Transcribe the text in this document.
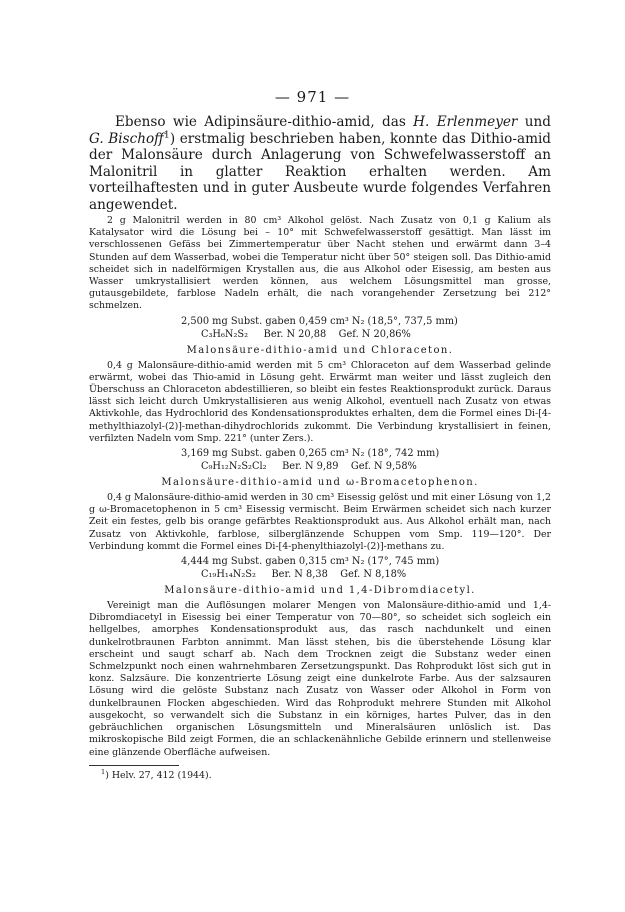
— 971 —

Ebenso wie Adipinsäure-dithio-amid, das H. Erlenmeyer und G. Bischoff$^1$) erstmalig beschrieben haben, konnte das Dithio-amid der Malonsäure durch Anlagerung von Schwefelwasserstoff an Malonitril in glatter Reaktion erhalten werden. Am vorteilhaftesten und in guter Ausbeute wurde folgendes Verfahren angewendet.

2 g Malonitril werden in 80 cm³ Alkohol gelöst. Nach Zusatz von 0,1 g Kalium als Katalysator wird die Lösung bei – 10° mit Schwefelwasserstoff gesättigt. Man lässt im verschlossenen Gefäss bei Zimmertemperatur über Nacht stehen und erwärmt dann 3–4 Stunden auf dem Wasserbad, wobei die Temperatur nicht über 50° steigen soll. Das Dithio-amid scheidet sich in nadelförmigen Krystallen aus, die aus Alkohol oder Eisessig, am besten aus Wasser umkrystallisiert werden können, aus welchem Lösungsmittel man grosse, gutausgebildete, farblose Nadeln erhält, die nach vorangehender Zersetzung bei 212° schmelzen.

2,500 mg Subst. gaben 0,459 cm³ N₂ (18,5°, 737,5 mm)
C₃H₆N₂S₂ Ber. N 20,88 Gef. N 20,86%

Malonsäure-dithio-amid und Chloraceton.

0,4 g Malonsäure-dithio-amid werden mit 5 cm³ Chloraceton auf dem Wasserbad gelinde erwärmt, wobei das Thio-amid in Lösung geht. Erwärmt man weiter und lässt zugleich den Überschuss an Chloraceton abdestillieren, so bleibt ein festes Reaktionsprodukt zurück. Daraus lässt sich leicht durch Umkrystallisieren aus wenig Alkohol, eventuell nach Zusatz von etwas Aktivkohle, das Hydrochlorid des Kondensationsproduktes erhalten, dem die Formel eines Di-[4-methylthiazolyl-(2)]-methan-dihydrochlorids zukommt. Die Verbindung krystallisiert in feinen, verfilzten Nadeln vom Smp. 221° (unter Zers.).

3,169 mg Subst. gaben 0,265 cm³ N₂ (18°, 742 mm)
C₉H₁₂N₂S₂Cl₂ Ber. N 9,89 Gef. N 9,58%

Malonsäure-dithio-amid und ω-Bromacetophenon.

0,4 g Malonsäure-dithio-amid werden in 30 cm³ Eisessig gelöst und mit einer Lösung von 1,2 g ω-Bromacetophenon in 5 cm³ Eisessig vermischt. Beim Erwärmen scheidet sich nach kurzer Zeit ein festes, gelb bis orange gefärbtes Reaktionsprodukt aus. Aus Alkohol erhält man, nach Zusatz von Aktivkohle, farblose, silberglänzende Schuppen vom Smp. 119—120°. Der Verbindung kommt die Formel eines Di-[4-phenylthiazolyl-(2)]-methans zu.

4,444 mg Subst. gaben 0,315 cm³ N₂ (17°, 745 mm)
C₁₉H₁₄N₂S₂ Ber. N 8,38 Gef. N 8,18%

Malonsäure-dithio-amid und 1,4-Dibromdiacetyl.

Vereinigt man die Auflösungen molarer Mengen von Malonsäure-dithio-amid und 1,4-Dibromdiacetyl in Eisessig bei einer Temperatur von 70—80°, so scheidet sich sogleich ein hellgelbes, amorphes Kondensationsprodukt aus, das rasch nachdunkelt und einen dunkelrotbraunen Farbton annimmt. Man lässt stehen, bis die überstehende Lösung klar erscheint und saugt scharf ab. Nach dem Trocknen zeigt die Substanz weder einen Schmelzpunkt noch einen wahrnehmbaren Zersetzungspunkt. Das Rohprodukt löst sich gut in konz. Salzsäure. Die konzentrierte Lösung zeigt eine dunkelrote Farbe. Aus der salzsauren Lösung wird die gelöste Substanz nach Zusatz von Wasser oder Alkohol in Form von dunkelbraunen Flocken abgeschieden. Wird das Rohprodukt mehrere Stunden mit Alkohol ausgekocht, so verwandelt sich die Substanz in ein körniges, hartes Pulver, das in den gebräuchlichen organischen Lösungsmitteln und Mineralsäuren unlöslich ist. Das mikroskopische Bild zeigt Formen, die an schlackenähnliche Gebilde erinnern und stellenweise eine glänzende Oberfläche aufweisen.

$^1$) Helv. 27, 412 (1944).
